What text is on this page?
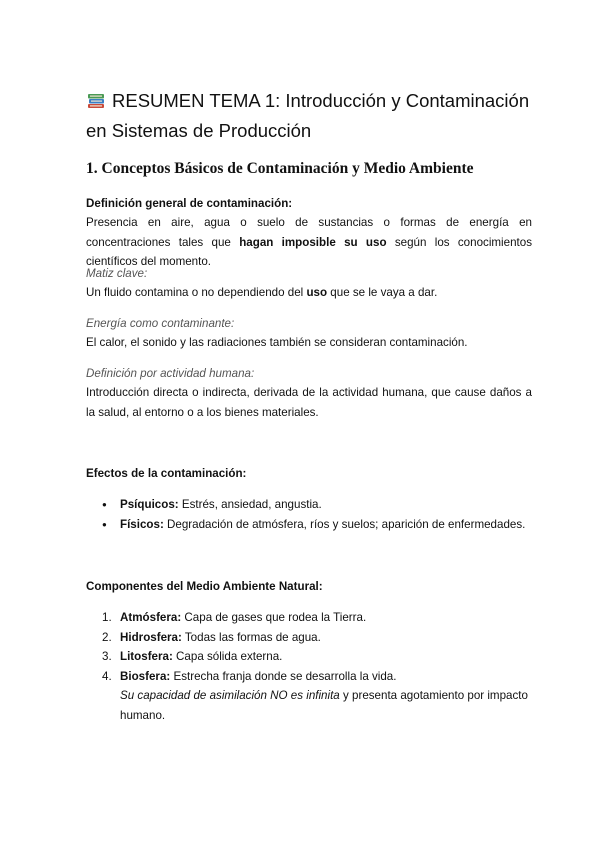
RESUMEN TEMA 1: Introducción y Contaminación
en Sistemas de Producción
1. Conceptos Básicos de Contaminación y Medio Ambiente
Definición general de contaminación:

Presencia en aire, agua o suelo de sustancias o formas de energía en concentraciones tales que hagan imposible su uso según los conocimientos científicos del momento.

Matiz clave:

Un fluido contamina o no dependiendo del uso que se le vaya a dar.

Energía como contaminante:

El calor, el sonido y las radiaciones también se consideran contaminación.

Definición por actividad humana:

Introducción directa o indirecta, derivada de la actividad humana, que cause daños a la salud, al entorno o a los bienes materiales.

Efectos de la contaminación:
● Psíquicos: Estrés, ansiedad, angustia.
● Físicos: Degradación de atmósfera, ríos y suelos; aparición de enfermedades.
Componentes del Medio Ambiente Natural:
1. Atmósfera: Capa de gases que rodea la Tierra.
2. Hidrosfera: Todas las formas de agua.
3. Litosfera: Capa sólida externa.
4. Biosfera: Estrecha franja donde se desarrolla la vida.
Su capacidad de asimilación NO es infinita y presenta agotamiento por impacto humano.
